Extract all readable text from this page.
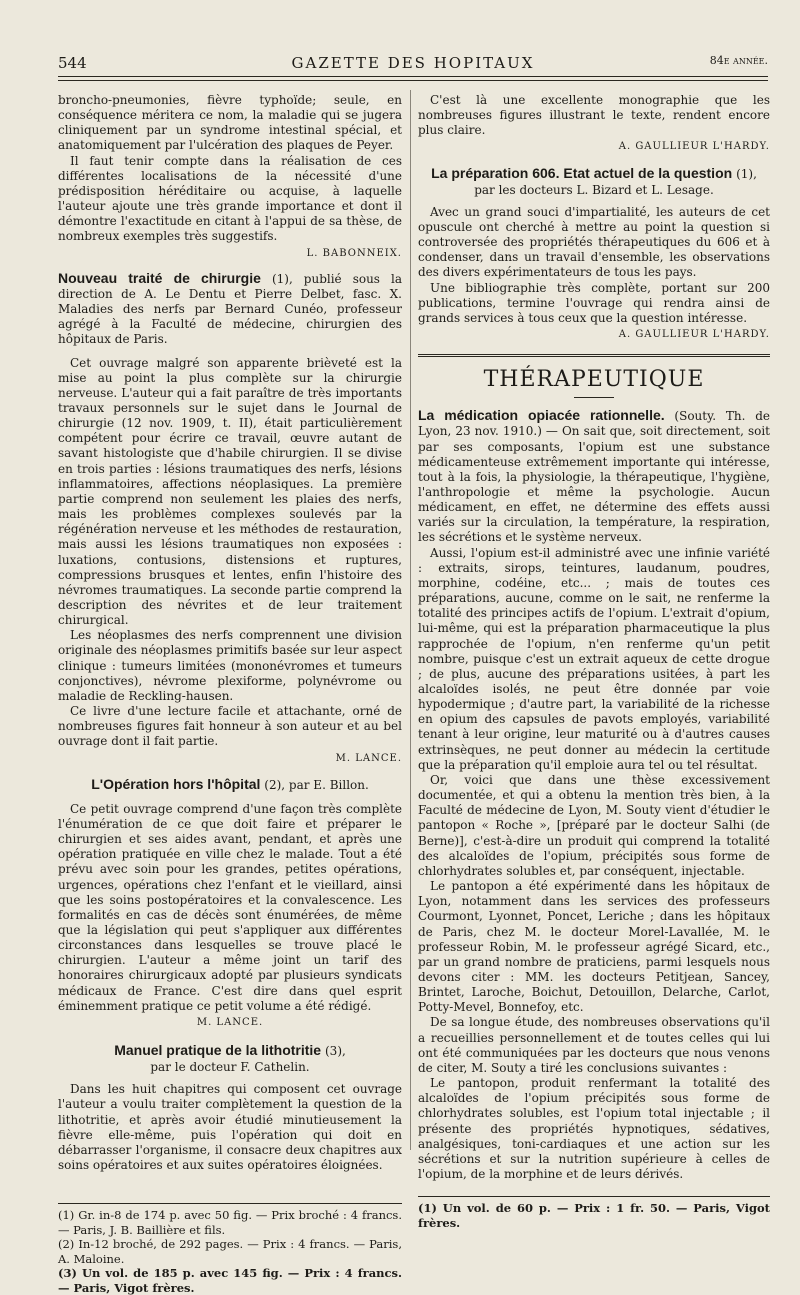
544	GAZETTE DES HOPITAUX	84e année.

broncho-pneumonies, fièvre typhoïde; seule, en conséquence méritera ce nom, la maladie qui se jugera cliniquement par un syndrome intestinal spécial, et anatomiquement par l'ulcération des plaques de Peyer.

Il faut tenir compte dans la réalisation de ces différentes localisations de la nécessité d'une prédisposition héréditaire ou acquise, à laquelle l'auteur ajoute une très grande importance et dont il démontre l'exactitude en citant à l'appui de sa thèse, de nombreux exemples très suggestifs.

L. BABONNEIX.

Nouveau traité de chirurgie (1), publié sous la direction de A. Le Dentu et Pierre Delbet, fasc. X. Maladies des nerfs par Bernard Cunéo, professeur agrégé à la Faculté de médecine, chirurgien des hôpitaux de Paris.

Cet ouvrage malgré son apparente brièveté est la mise au point la plus complète sur la chirurgie nerveuse. L'auteur qui a fait paraître de très importants travaux personnels sur le sujet dans le Journal de chirurgie (12 nov. 1909, t. II), était particulièrement compétent pour écrire ce travail, œuvre autant de savant histologiste que d'habile chirurgien. Il se divise en trois parties : lésions traumatiques des nerfs, lésions inflammatoires, affections néoplasiques. La première partie comprend non seulement les plaies des nerfs, mais les problèmes complexes soulevés par la régénération nerveuse et les méthodes de restauration, mais aussi les lésions traumatiques non exposées : luxations, contusions, distensions et ruptures, compressions brusques et lentes, enfin l'histoire des névromes traumatiques. La seconde partie comprend la description des névrites et de leur traitement chirurgical.

Les néoplasmes des nerfs comprennent une division originale des néoplasmes primitifs basée sur leur aspect clinique : tumeurs limitées (mononévromes et tumeurs conjonctives), névrome plexiforme, polynévrome ou maladie de Reckling-hausen.

Ce livre d'une lecture facile et attachante, orné de nombreuses figures fait honneur à son auteur et au bel ouvrage dont il fait partie.

M. LANCE.
L'Opération hors l'hôpital (2), par E. Billon.

Ce petit ouvrage comprend d'une façon très complète l'énumération de ce que doit faire et préparer le chirurgien et ses aides avant, pendant, et après une opération pratiquée en ville chez le malade. Tout a été prévu avec soin pour les grandes, petites opérations, urgences, opérations chez l'enfant et le vieillard, ainsi que les soins postopératoires et la convalescence. Les formalités en cas de décès sont énumérées, de même que la législation qui peut s'appliquer aux différentes circonstances dans lesquelles se trouve placé le chirurgien. L'auteur a même joint un tarif des honoraires chirurgicaux adopté par plusieurs syndicats médicaux de France. C'est dire dans quel esprit éminemment pratique ce petit volume a été rédigé.

M. LANCE.
Manuel pratique de la lithotritie (3),
par le docteur F. Cathelin.

Dans les huit chapitres qui composent cet ouvrage l'auteur a voulu traiter complètement la question de la lithotritie, et après avoir étudié minutieusement la fièvre elle-même, puis l'opération qui doit en débarrasser l'organisme, il consacre deux chapitres aux soins opératoires et aux suites opératoires éloignées.

(1) Gr. in-8 de 174 p. avec 50 fig. — Prix broché : 4 francs. — Paris, J. B. Baillière et fils.
(2) In-12 broché, de 292 pages. — Prix : 4 francs. — Paris, A. Maloine.
(3) Un vol. de 185 p. avec 145 fig. — Prix : 4 francs. — Paris, Vigot frères.

C'est là une excellente monographie que les nombreuses figures illustrant le texte, rendent encore plus claire.

A. GAULLIEUR L'HARDY.
La préparation 606. Etat actuel de la question (1),
par les docteurs L. Bizard et L. Lesage.

Avec un grand souci d'impartialité, les auteurs de cet opuscule ont cherché à mettre au point la question si controversée des propriétés thérapeutiques du 606 et à condenser, dans un travail d'ensemble, les observations des divers expérimentateurs de tous les pays.

Une bibliographie très complète, portant sur 200 publications, termine l'ouvrage qui rendra ainsi de grands services à tous ceux que la question intéresse.

A. GAULLIEUR L'HARDY.
THÉRAPEUTIQUE

La médication opiacée rationnelle. (Souty. Th. de Lyon, 23 nov. 1910.) — On sait que, soit directement, soit par ses composants, l'opium est une substance médicamenteuse extrêmement importante qui intéresse, tout à la fois, la physiologie, la thérapeutique, l'hygiène, l'anthropologie et même la psychologie. Aucun médicament, en effet, ne détermine des effets aussi variés sur la circulation, la température, la respiration, les sécrétions et le système nerveux.

Aussi, l'opium est-il administré avec une infinie variété : extraits, sirops, teintures, laudanum, poudres, morphine, codéine, etc... ; mais de toutes ces préparations, aucune, comme on le sait, ne renferme la totalité des principes actifs de l'opium. L'extrait d'opium, lui-même, qui est la préparation pharmaceutique la plus rapprochée de l'opium, n'en renferme qu'un petit nombre, puisque c'est un extrait aqueux de cette drogue ; de plus, aucune des préparations usitées, à part les alcaloïdes isolés, ne peut être donnée par voie hypodermique ; d'autre part, la variabilité de la richesse en opium des capsules de pavots employés, variabilité tenant à leur origine, leur maturité ou à d'autres causes extrinsèques, ne peut donner au médecin la certitude que la préparation qu'il emploie aura tel ou tel résultat.

Or, voici que dans une thèse excessivement documentée, et qui a obtenu la mention très bien, à la Faculté de médecine de Lyon, M. Souty vient d'étudier le pantopon « Roche », [préparé par le docteur Salhi (de Berne)], c'est-à-dire un produit qui comprend la totalité des alcaloïdes de l'opium, précipités sous forme de chlorhydrates solubles et, par conséquent, injectable.

Le pantopon a été expérimenté dans les hôpitaux de Lyon, notamment dans les services des professeurs Courmont, Lyonnet, Poncet, Leriche ; dans les hôpitaux de Paris, chez M. le docteur Morel-Lavallée, M. le professeur Robin, M. le professeur agrégé Sicard, etc., par un grand nombre de praticiens, parmi lesquels nous devons citer : MM. les docteurs Petitjean, Sancey, Brintet, Laroche, Boichut, Detouillon, Delarche, Carlot, Potty-Mevel, Bonnefoy, etc.

De sa longue étude, des nombreuses observations qu'il a recueillies personnellement et de toutes celles qui lui ont été communiquées par les docteurs que nous venons de citer, M. Souty a tiré les conclusions suivantes :

Le pantopon, produit renfermant la totalité des alcaloïdes de l'opium précipités sous forme de chlorhydrates solubles, est l'opium total injectable ; il présente des propriétés hypnotiques, sédatives, analgésiques, toni-cardiaques et une action sur les sécrétions et sur la nutrition supérieure à celles de l'opium, de la morphine et de leurs dérivés.

(1) Un vol. de 60 p. — Prix : 1 fr. 50. — Paris, Vigot frères.
